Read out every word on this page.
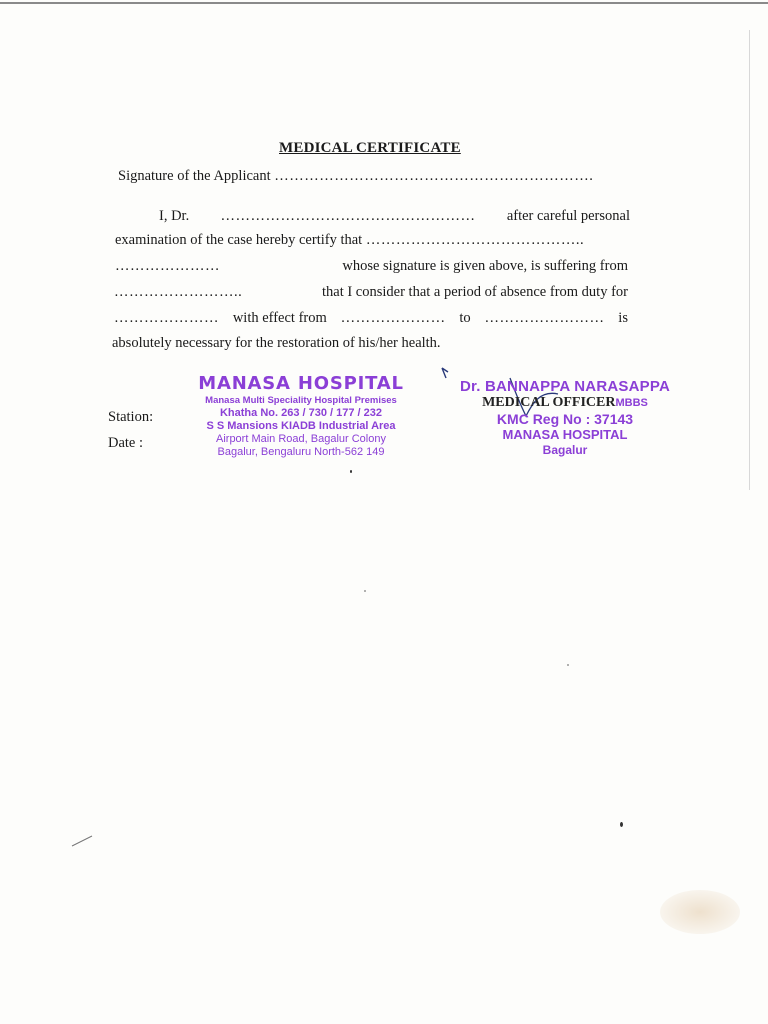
MEDICAL CERTIFICATE
Signature of the Applicant ……………………………………………………….
I, Dr. …………………………………………… after careful personal
examination of the case hereby certify that ……………………………………..
…………………	whose signature is given above, is suffering from
……………………..	that I consider that a period of absence from duty for
………………… with effect from ………………… to …………………… is
absolutely necessary for the restoration of his/her health.
Station:
Date :
MANASA HOSPITAL
Manasa Multi Speciality Hospital Premises
Khatha No. 263 / 730 / 177 / 232
S S Mansions KIADB Industrial Area
Airport Main Road, Bagalur Colony
Bagalur, Bengaluru North-562 149
Dr. BANNAPPA NARASAPPA
MEDICAL OFFICERMBBS
KMC Reg No : 37143
MANASA HOSPITAL
Bagalur
